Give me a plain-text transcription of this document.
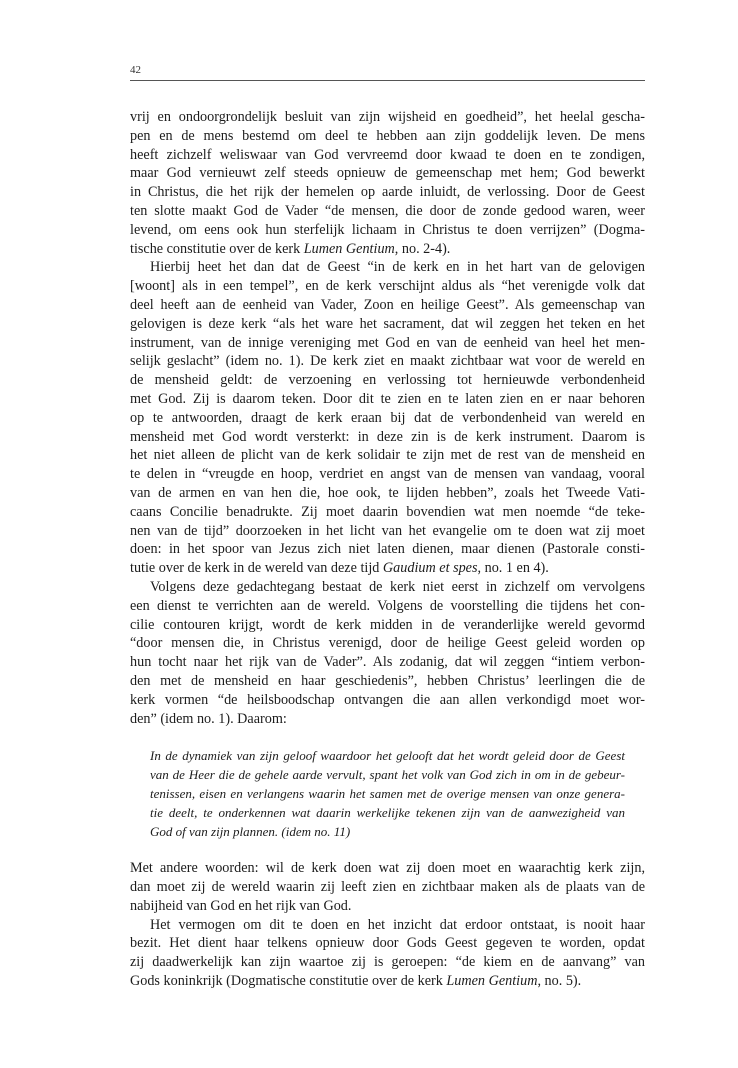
42

vrij en ondoorgrondelijk besluit van zijn wijsheid en goedheid”, het heelal gescha-
pen en de mens bestemd om deel te hebben aan zijn goddelijk leven. De mens
heeft zichzelf weliswaar van God vervreemd door kwaad te doen en te zondigen,
maar God vernieuwt zelf steeds opnieuw de gemeenschap met hem; God bewerkt
in Christus, die het rijk der hemelen op aarde inluidt, de verlossing. Door de Geest
ten slotte maakt God de Vader “de mensen, die door de zonde gedood waren, weer
levend, om eens ook hun sterfelijk lichaam in Christus te doen verrijzen” (Dogma-
tische constitutie over de kerk Lumen Gentium, no. 2-4).

Hierbij heet het dan dat de Geest “in de kerk en in het hart van de gelovigen
[woont] als in een tempel”, en de kerk verschijnt aldus als “het verenigde volk dat
deel heeft aan de eenheid van Vader, Zoon en heilige Geest”. Als gemeenschap van
gelovigen is deze kerk “als het ware het sacrament, dat wil zeggen het teken en het
instrument, van de innige vereniging met God en van de eenheid van heel het men-
selijk geslacht” (idem no. 1). De kerk ziet en maakt zichtbaar wat voor de wereld en
de mensheid geldt: de verzoening en verlossing tot hernieuwde verbondenheid
met God. Zij is daarom teken. Door dit te zien en te laten zien en er naar behoren
op te antwoorden, draagt de kerk eraan bij dat de verbondenheid van wereld en
mensheid met God wordt versterkt: in deze zin is de kerk instrument. Daarom is
het niet alleen de plicht van de kerk solidair te zijn met de rest van de mensheid en
te delen in “vreugde en hoop, verdriet en angst van de mensen van vandaag, vooral
van de armen en van hen die, hoe ook, te lijden hebben”, zoals het Tweede Vati-
caans Concilie benadrukte. Zij moet daarin bovendien wat men noemde “de teke-
nen van de tijd” doorzoeken in het licht van het evangelie om te doen wat zij moet
doen: in het spoor van Jezus zich niet laten dienen, maar dienen (Pastorale consti-
tutie over de kerk in de wereld van deze tijd Gaudium et spes, no. 1 en 4).

Volgens deze gedachtegang bestaat de kerk niet eerst in zichzelf om vervolgens
een dienst te verrichten aan de wereld. Volgens de voorstelling die tijdens het con-
cilie contouren krijgt, wordt de kerk midden in de veranderlijke wereld gevormd
“door mensen die, in Christus verenigd, door de heilige Geest geleid worden op
hun tocht naar het rijk van de Vader”. Als zodanig, dat wil zeggen “intiem verbon-
den met de mensheid en haar geschiedenis”, hebben Christus’ leerlingen die de
kerk vormen “de heilsboodschap ontvangen die aan allen verkondigd moet wor-
den” (idem no. 1). Daarom:

In de dynamiek van zijn geloof waardoor het gelooft dat het wordt geleid door de Geest
van de Heer die de gehele aarde vervult, spant het volk van God zich in om in de gebeur-
tenissen, eisen en verlangens waarin het samen met de overige mensen van onze genera-
tie deelt, te onderkennen wat daarin werkelijke tekenen zijn van de aanwezigheid van
God of van zijn plannen. (idem no. 11)

Met andere woorden: wil de kerk doen wat zij doen moet en waarachtig kerk zijn,
dan moet zij de wereld waarin zij leeft zien en zichtbaar maken als de plaats van de
nabijheid van God en het rijk van God.

Het vermogen om dit te doen en het inzicht dat erdoor ontstaat, is nooit haar
bezit. Het dient haar telkens opnieuw door Gods Geest gegeven te worden, opdat
zij daadwerkelijk kan zijn waartoe zij is geroepen: “de kiem en de aanvang” van
Gods koninkrijk (Dogmatische constitutie over de kerk Lumen Gentium, no. 5).
